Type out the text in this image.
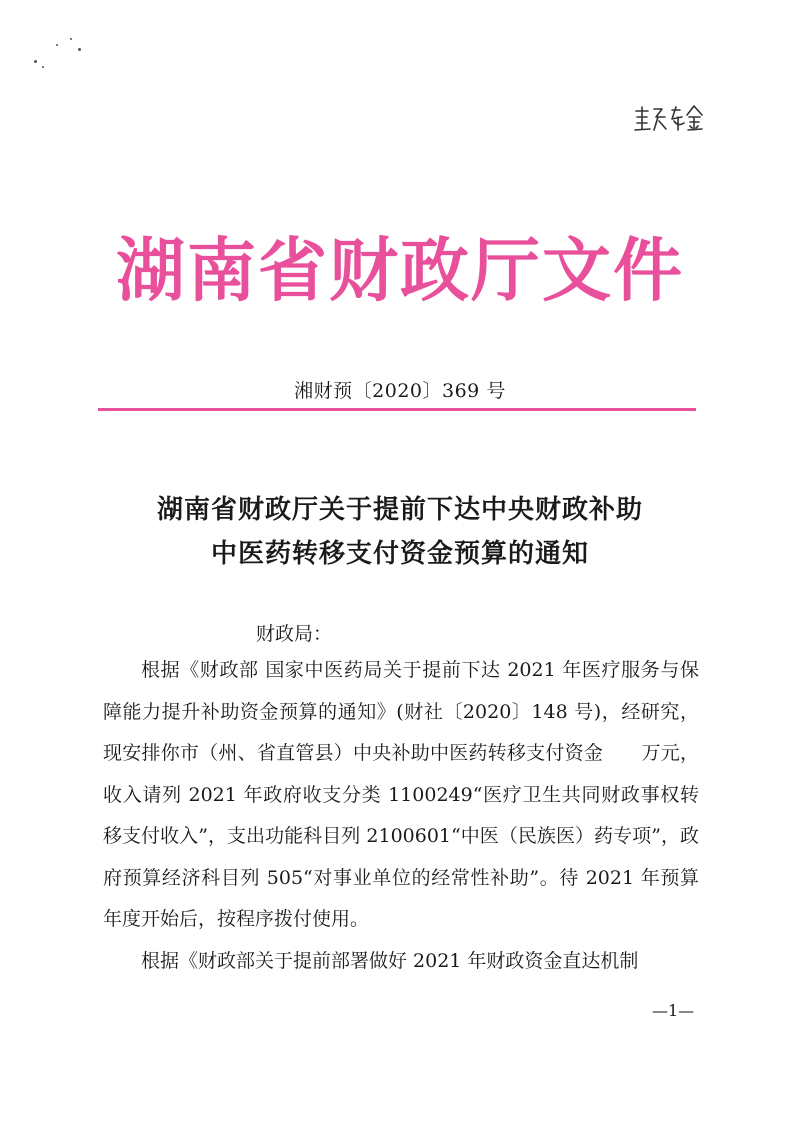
湖南省财政厅文件
湘财预〔2020〕369 号
湖南省财政厅关于提前下达中央财政补助
中医药转移支付资金预算的通知
财政局：

根据《财政部 国家中医药局关于提前下达 2021 年医疗服务与保障能力提升补助资金预算的通知》(财社〔2020〕148 号)，经研究，现安排你市（州、省直管县）中央补助中医药转移支付资金　　万元，收入请列 2021 年政府收支分类 1100249“医疗卫生共同财政事权转移支付收入”，支出功能科目列 2100601“中医（民族医）药专项”，政府预算经济科目列 505“对事业单位的经常性补助”。待 2021 年预算年度开始后，按程序拨付使用。

根据《财政部关于提前部署做好 2021 年财政资金直达机制

—1—
